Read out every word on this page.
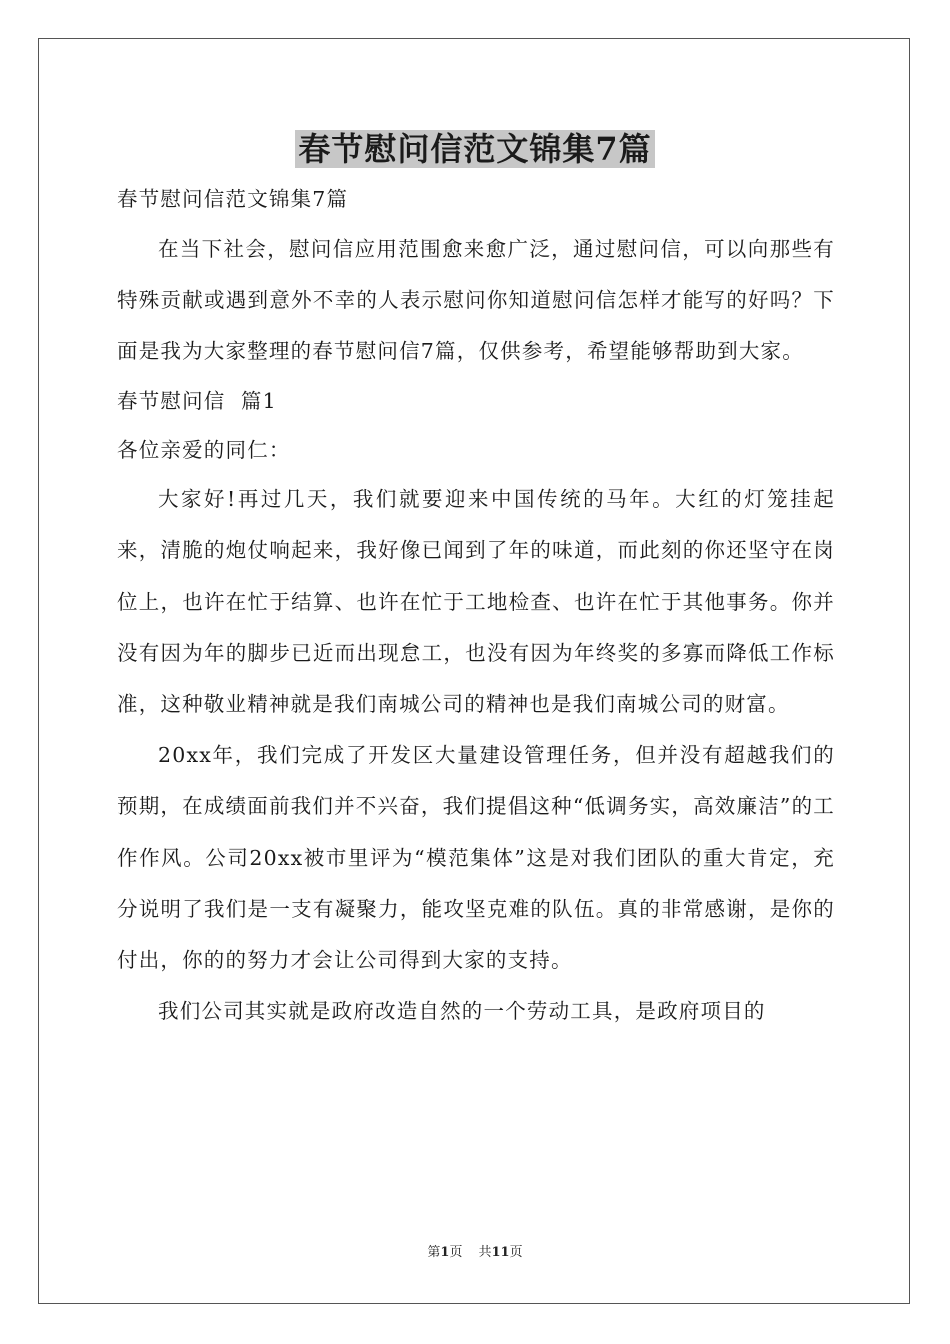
春节慰问信范文锦集7篇
春节慰问信范文锦集7篇

在当下社会，慰问信应用范围愈来愈广泛，通过慰问信，可以向那些有特殊贡献或遇到意外不幸的人表示慰问你知道慰问信怎样才能写的好吗？下面是我为大家整理的春节慰问信7篇，仅供参考，希望能够帮助到大家。

春节慰问信  篇1
各位亲爱的同仁：

大家好!再过几天，我们就要迎来中国传统的马年。大红的灯笼挂起来，清脆的炮仗响起来，我好像已闻到了年的味道，而此刻的你还坚守在岗位上，也许在忙于结算、也许在忙于工地检查、也许在忙于其他事务。你并没有因为年的脚步已近而出现怠工，也没有因为年终奖的多寡而降低工作标准，这种敬业精神就是我们南城公司的精神也是我们南城公司的财富。

20xx年，我们完成了开发区大量建设管理任务，但并没有超越我们的预期，在成绩面前我们并不兴奋，我们提倡这种“低调务实，高效廉洁”的工作作风。公司20xx被市里评为“模范集体”这是对我们团队的重大肯定，充分说明了我们是一支有凝聚力，能攻坚克难的队伍。真的非常感谢，是你的付出，你的的努力才会让公司得到大家的支持。

我们公司其实就是政府改造自然的一个劳动工具，是政府项目的

第1页 共11页
